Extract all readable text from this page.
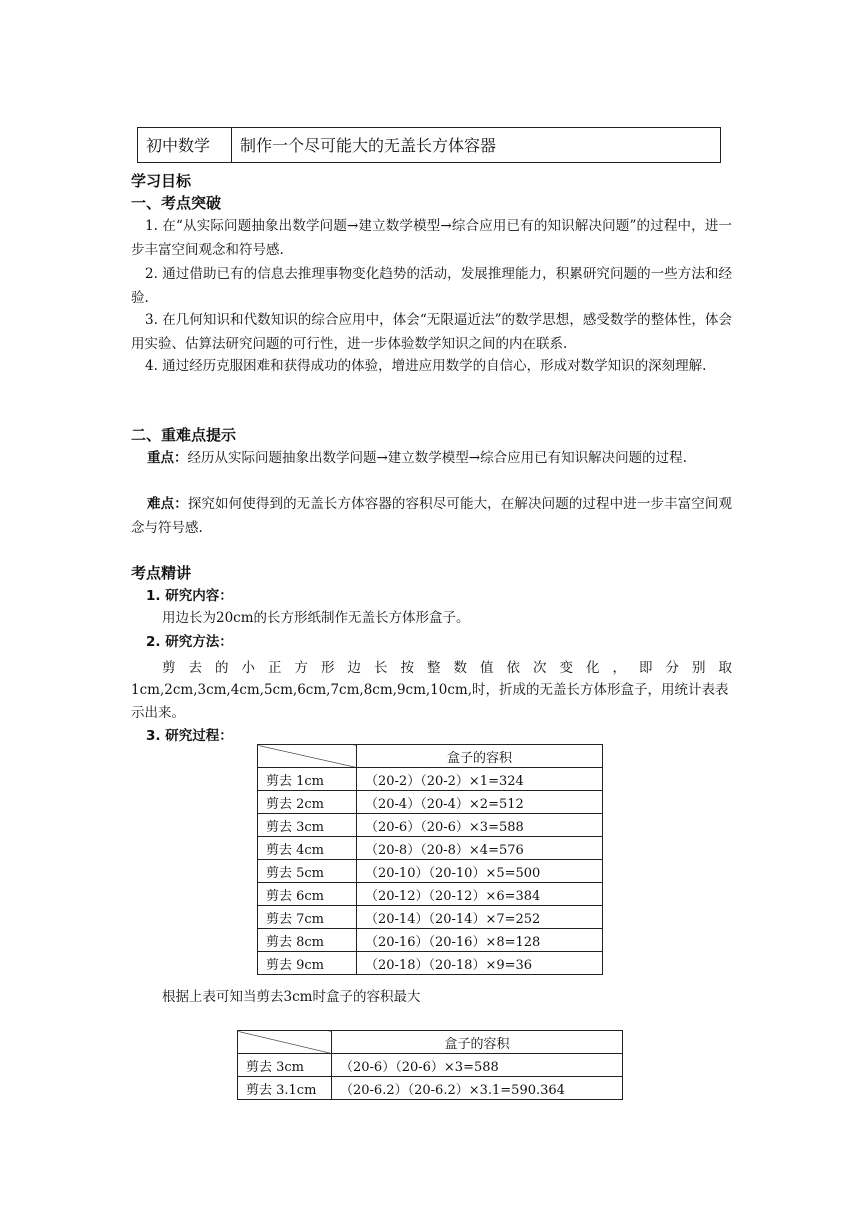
初中数学	制作一个尽可能大的无盖长方体容器
学习目标
一、考点突破
1. 在“从实际问题抽象出数学问题→建立数学模型→综合应用已有的知识解决问题”的过程中，进一步丰富空间观念和符号感.
2. 通过借助已有的信息去推理事物变化趋势的活动，发展推理能力，积累研究问题的一些方法和经验.
3. 在几何知识和代数知识的综合应用中，体会“无限逼近法”的数学思想，感受数学的整体性，体会用实验、估算法研究问题的可行性，进一步体验数学知识之间的内在联系.
4. 通过经历克服困难和获得成功的体验，增进应用数学的自信心，形成对数学知识的深刻理解.
二、重难点提示
重点：经历从实际问题抽象出数学问题→建立数学模型→综合应用已有知识解决问题的过程.
难点：探究如何使得到的无盖长方体容器的容积尽可能大，在解决问题的过程中进一步丰富空间观念与符号感.
考点精讲
1. 研究内容：
用边长为20cm的长方形纸制作无盖长方体形盒子。
2. 研究方法：
剪 去 的 小 正 方 形 边 长 按 整 数 值 依 次 变 化 ， 即 分 别 取
1cm,2cm,3cm,4cm,5cm,6cm,7cm,8cm,9cm,10cm,时，折成的无盖长方体形盒子，用统计表表
示出来。
3. 研究过程：
	盒子的容积
剪去 1cm	（20-2）（20-2）×1=324
剪去 2cm	（20-4）（20-4）×2=512
剪去 3cm	（20-6）（20-6）×3=588
剪去 4cm	（20-8）（20-8）×4=576
剪去 5cm	（20-10）（20-10）×5=500
剪去 6cm	（20-12）（20-12）×6=384
剪去 7cm	（20-14）（20-14）×7=252
剪去 8cm	（20-16）（20-16）×8=128
剪去 9cm	（20-18）（20-18）×9=36
根据上表可知当剪去3cm时盒子的容积最大
	盒子的容积
剪去 3cm	（20-6）（20-6）×3=588
剪去 3.1cm	（20-6.2）（20-6.2）×3.1=590.364
